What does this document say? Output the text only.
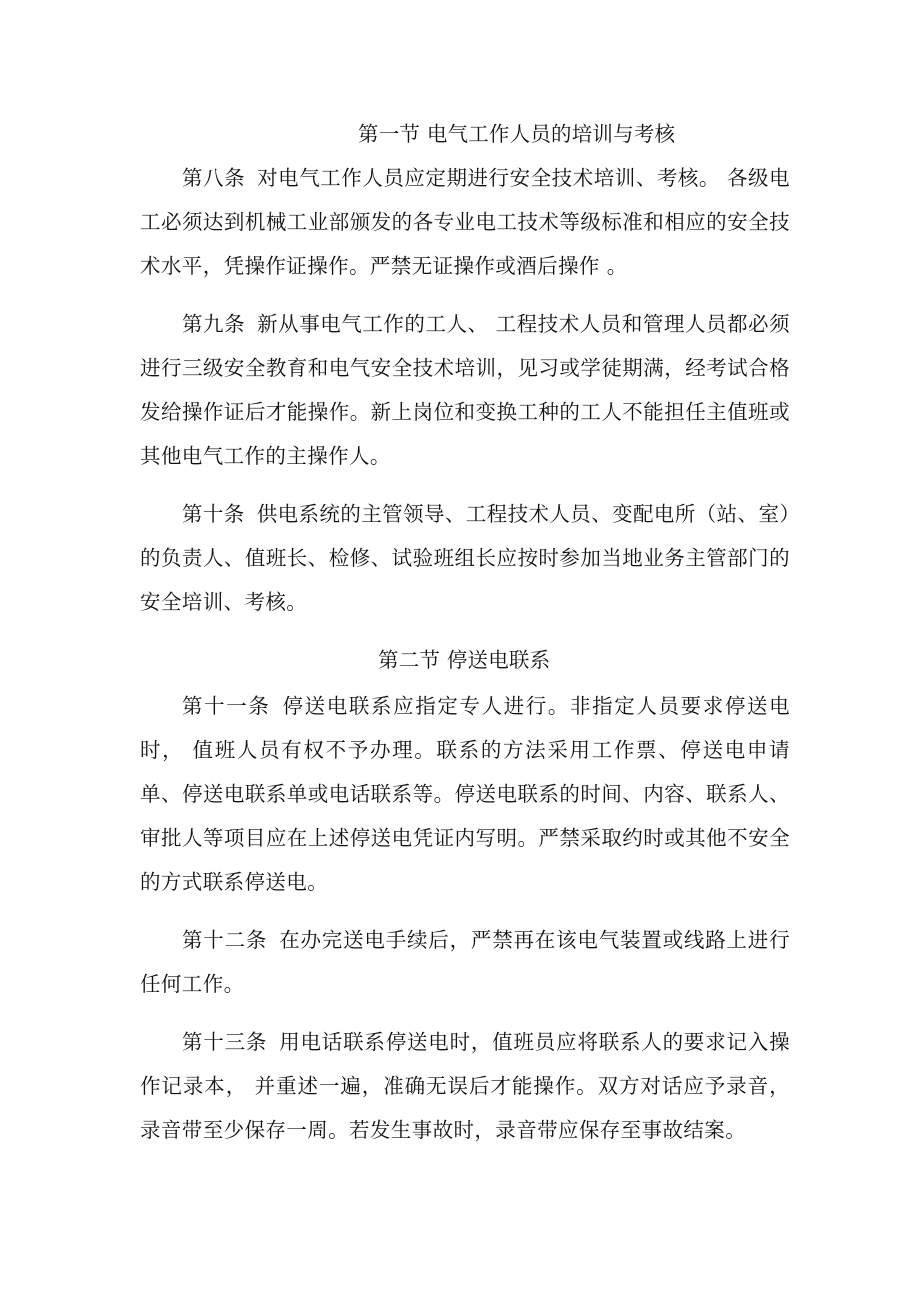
第一节 电气工作人员的培训与考核

第八条 对电气工作人员应定期进行安全技术培训、考核。 各级电工必须达到机械工业部颁发的各专业电工技术等级标准和相应的安全技术水平，凭操作证操作。严禁无证操作或酒后操作 。

第九条 新从事电气工作的工人、 工程技术人员和管理人员都必须进行三级安全教育和电气安全技术培训，见习或学徒期满，经考试合格发给操作证后才能操作。新上岗位和变换工种的工人不能担任主值班或其他电气工作的主操作人。

第十条 供电系统的主管领导、工程技术人员、变配电所（站、室）的负责人、值班长、检修、试验班组长应按时参加当地业务主管部门的安全培训、考核。

第二节 停送电联系

第十一条 停送电联系应指定专人进行。非指定人员要求停送电时， 值班人员有权不予办理。联系的方法采用工作票、停送电申请单、停送电联系单或电话联系等。停送电联系的时间、内容、联系人、审批人等项目应在上述停送电凭证内写明。严禁采取约时或其他不安全的方式联系停送电。

第十二条 在办完送电手续后，严禁再在该电气装置或线路上进行任何工作。

第十三条 用电话联系停送电时，值班员应将联系人的要求记入操作记录本， 并重述一遍，准确无误后才能操作。双方对话应予录音，录音带至少保存一周。若发生事故时，录音带应保存至事故结案。
